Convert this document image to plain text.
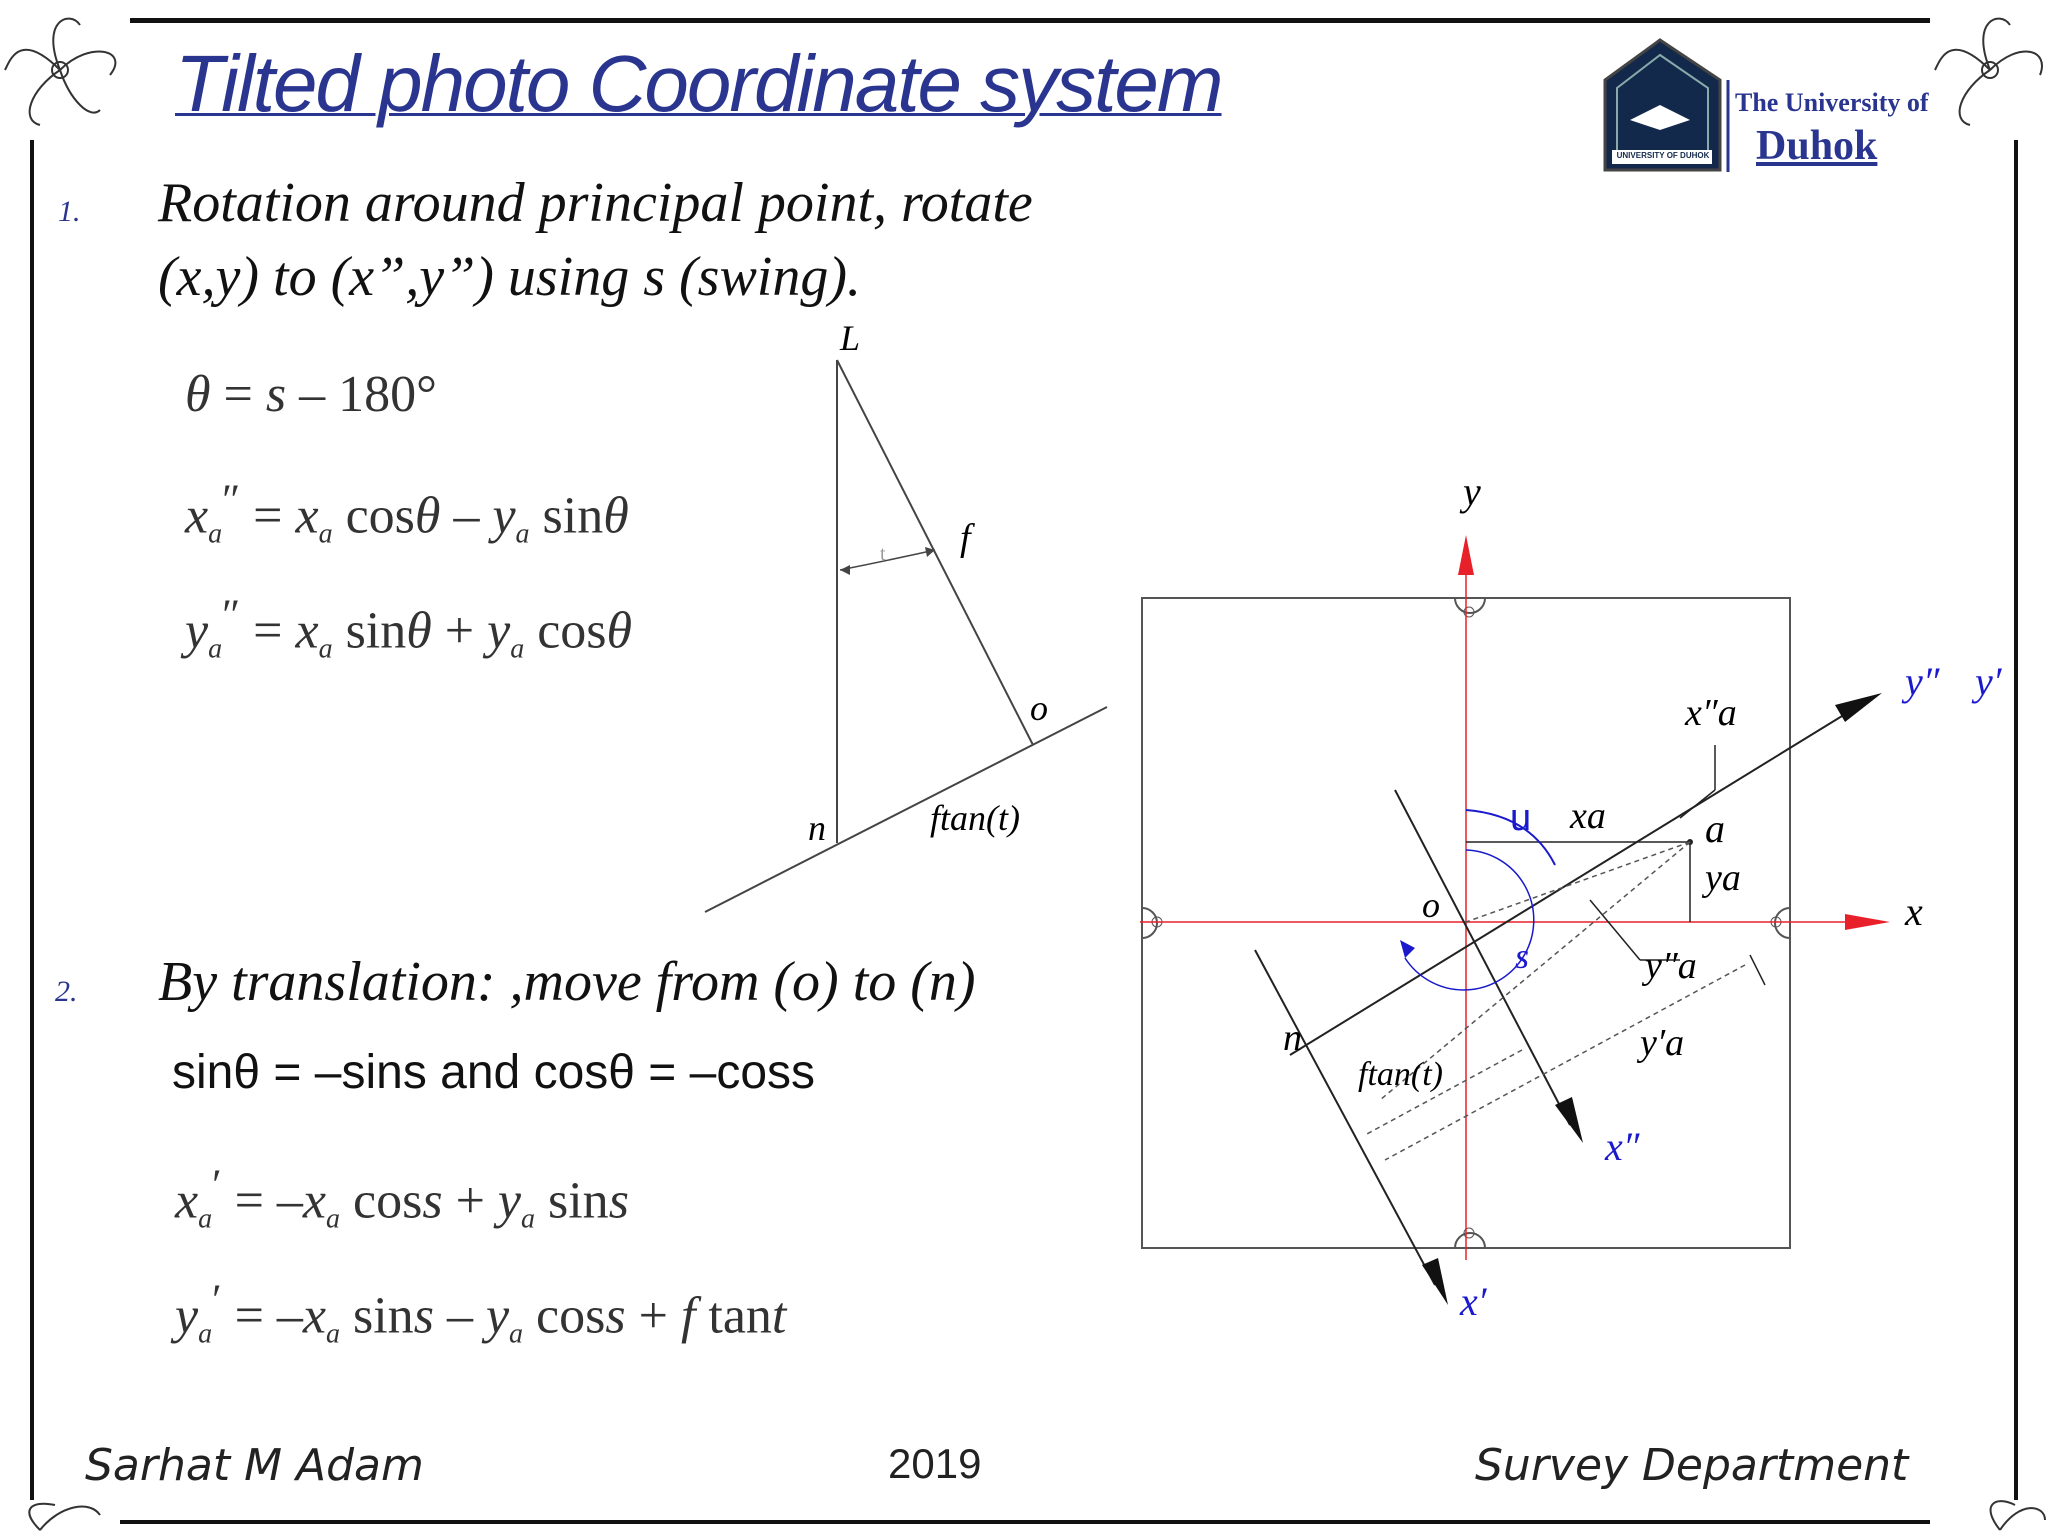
Tilted photo Coordinate system
UNIVERSITY OF DUHOK
The University of
Duhok
1. Rotation around principal point, rotate
(x,y) to (x”,y”) using s (swing).
θ = s – 180°
$x_a'' = x_a$ cosθ – $y_a$ sinθ
$y_a'' = x_a$ $\sin\theta + y_a$ cosθ
2. By translation: ,move from (o) to (n)
sinθ = –sins and cosθ = –coss
$x_a' = -x_a$ $\cos s + y_a$ sins
$y_a' = -x_a$ sins – $y_a$ coss + f tant
L
f
t
o
n	ftan(t)
y
x
o
n
a
u
s
xa
ya
x″a
y″a
y′a
y″ y′
x″
x′
ftan(t)
Sarhat M Adam	2019	Survey Department
